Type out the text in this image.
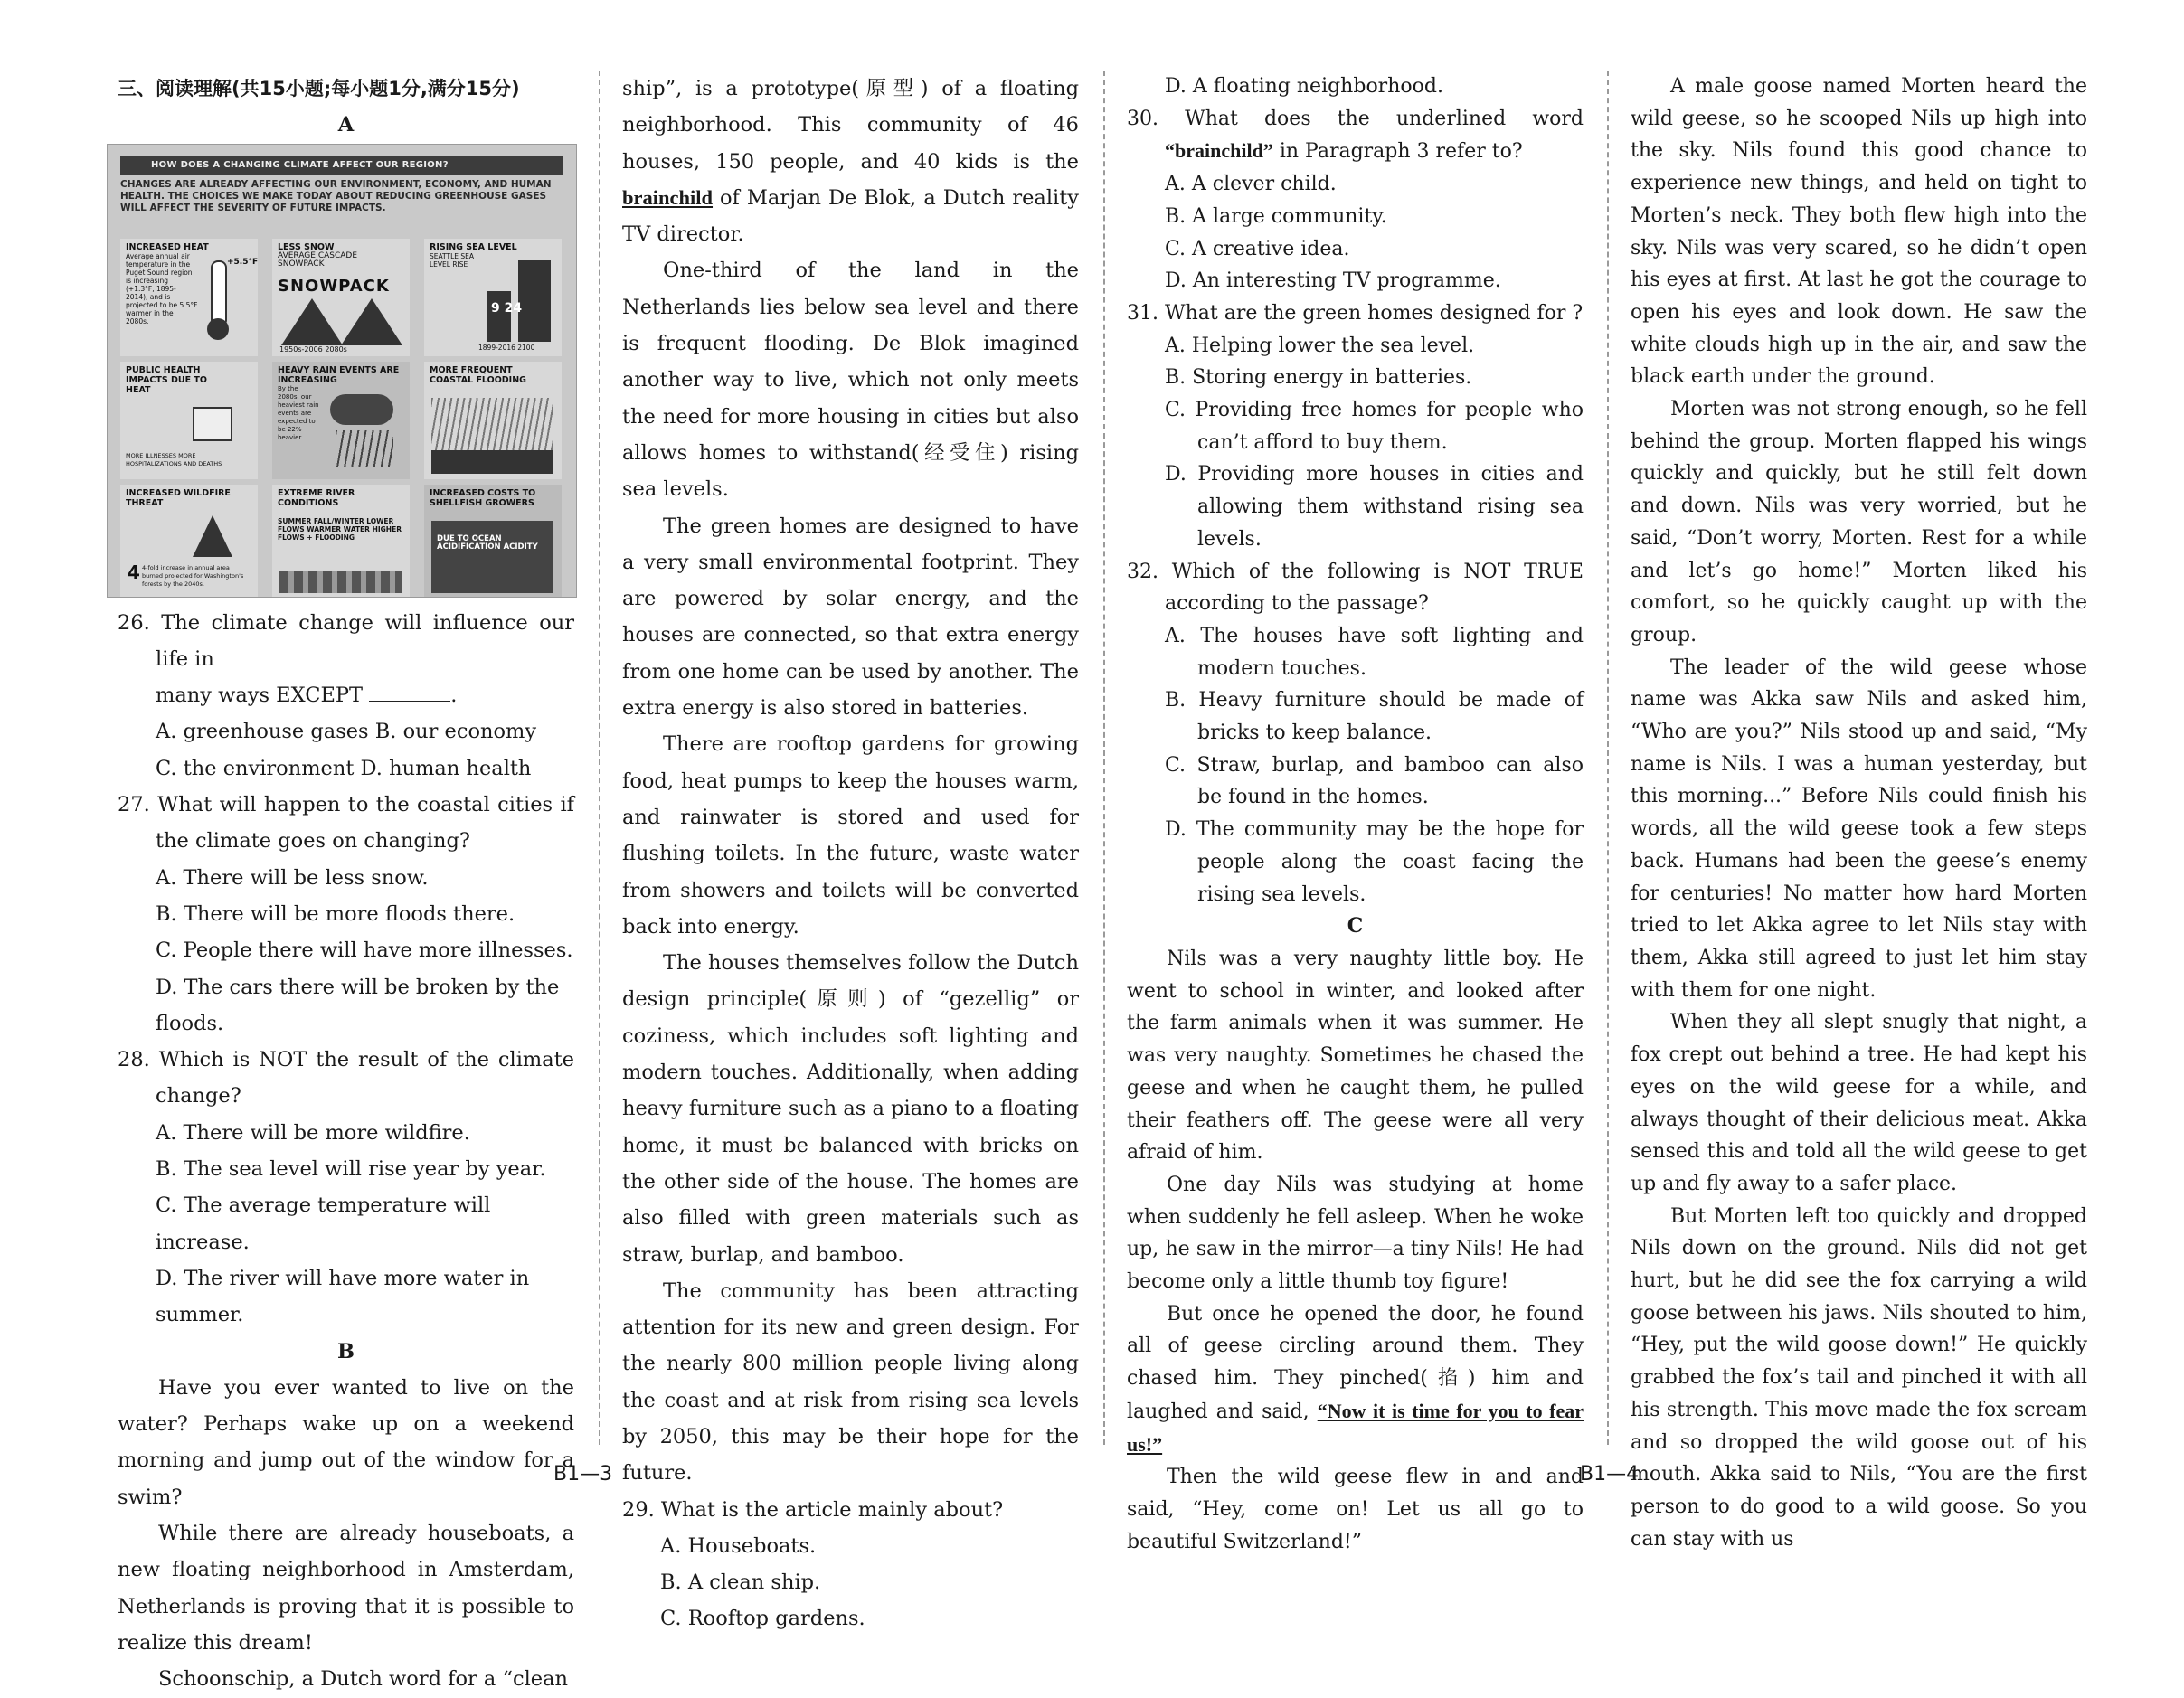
三、阅读理解(共15小题;每小题1分,满分15分)

A

HOW DOES A CHANGING CLIMATE AFFECT OUR REGION?
CHANGES ARE ALREADY AFFECTING OUR ENVIRONMENT, ECONOMY, AND HUMAN HEALTH. THE CHOICES WE MAKE TODAY ABOUT REDUCING GREENHOUSE GASES WILL AFFECT THE SEVERITY OF FUTURE IMPACTS.
INCREASED HEAT
Average annual air temperature in the Puget Sound region is increasing (+1.3°F, 1895-2014), and is projected to be 5.5°F warmer in the 2080s.
+5.5°F
LESS SNOW
AVERAGE CASCADE SNOWPACK
SNOWPACK
1950s-2006 2080s
RISING SEA LEVEL
SEATTLE SEA LEVEL RISE
9 24
1899-2016 2100
PUBLIC HEALTH IMPACTS DUE TO HEAT
MORE ILLNESSES MORE HOSPITALIZATIONS AND DEATHS
HEAVY RAIN EVENTS ARE INCREASING
By the 2080s, our heaviest rain events are expected to be 22% heavier.
MORE FREQUENT COASTAL FLOODING
INCREASED WILDFIRE THREAT
4 4-fold increase in annual area burned projected for Washington's forests by the 2040s.
EXTREME RIVER CONDITIONS
SUMMER FALL/WINTER LOWER FLOWS WARMER WATER HIGHER FLOWS + FLOODING
INCREASED COSTS TO SHELLFISH GROWERS
DUE TO OCEAN ACIDIFICATION ACIDITY

26. The climate change will influence our life in
many ways EXCEPT	.

A. greenhouse gases B. our economy

C. the environment D. human health

27. What will happen to the coastal cities if the climate goes on changing?

A. There will be less snow.

B. There will be more floods there.

C. People there will have more illnesses.

D. The cars there will be broken by the floods.

28. Which is NOT the result of the climate change?

A. There will be more wildfire.

B. The sea level will rise year by year.

C. The average temperature will increase.

D. The river will have more water in summer.

B

Have you ever wanted to live on the water? Perhaps wake up on a weekend morning and jump out of the window for a swim?

While there are already houseboats, a new floating neighborhood in Amsterdam, Netherlands is proving that it is possible to realize this dream!

Schoonschip, a Dutch word for a “clean

ship”, is a prototype(原型) of a floating neighborhood. This community of 46 houses, 150 people, and 40 kids is the brainchild of Marjan De Blok, a Dutch reality TV director.

One-third of the land in the Netherlands lies below sea level and there is frequent flooding. De Blok imagined another way to live, which not only meets the need for more housing in cities but also allows homes to withstand(经受住) rising sea levels.

The green homes are designed to have a very small environmental footprint. They are powered by solar energy, and the houses are connected, so that extra energy from one home can be used by another. The extra energy is also stored in batteries.

There are rooftop gardens for growing food, heat pumps to keep the houses warm, and rainwater is stored and used for flushing toilets. In the future, waste water from showers and toilets will be converted back into energy.

The houses themselves follow the Dutch design principle(原则) of “gezellig” or coziness, which includes soft lighting and modern touches. Additionally, when adding heavy furniture such as a piano to a floating home, it must be balanced with bricks on the other side of the house. The homes are also filled with green materials such as straw, burlap, and bamboo.

The community has been attracting attention for its new and green design. For the nearly 800 million people living along the coast and at risk from rising sea levels by 2050, this may be their hope for the future.

29. What is the article mainly about?

A. Houseboats.

B. A clean ship.

C. Rooftop gardens.

D. A floating neighborhood.

30. What does the underlined word “brainchild” in Paragraph 3 refer to?

A. A clever child.

B. A large community.

C. A creative idea.

D. An interesting TV programme.

31. What are the green homes designed for ?

A. Helping lower the sea level.

B. Storing energy in batteries.

C. Providing free homes for people who can’t afford to buy them.

D. Providing more houses in cities and allowing them withstand rising sea levels.

32. Which of the following is NOT TRUE according to the passage?

A. The houses have soft lighting and modern touches.

B. Heavy furniture should be made of bricks to keep balance.

C. Straw, burlap, and bamboo can also be found in the homes.

D. The community may be the hope for people along the coast facing the rising sea levels.

C

Nils was a very naughty little boy. He went to school in winter, and looked after the farm animals when it was summer. He was very naughty. Sometimes he chased the geese and when he caught them, he pulled their feathers off. The geese were all very afraid of him.

One day Nils was studying at home when suddenly he fell asleep. When he woke up, he saw in the mirror—a tiny Nils! He had become only a little thumb toy figure!

But once he opened the door, he found all of geese circling around them. They chased him. They pinched(掐) him and laughed and said, “Now it is time for you to fear us!”

Then the wild geese flew in and and said, “Hey, come on! Let us all go to beautiful Switzerland!”

A male goose named Morten heard the wild geese, so he scooped Nils up high into the sky. Nils found this good chance to experience new things, and held on tight to Morten’s neck. They both flew high into the sky. Nils was very scared, so he didn’t open his eyes at first. At last he got the courage to open his eyes and look down. He saw the white clouds high up in the air, and saw the black earth under the ground.

Morten was not strong enough, so he fell behind the group. Morten flapped his wings quickly and quickly, but he still felt down and down. Nils was very worried, but he said, “Don’t worry, Morten. Rest for a while and let’s go home!” Morten liked his comfort, so he quickly caught up with the group.

The leader of the wild geese whose name was Akka saw Nils and asked him, “Who are you?” Nils stood up and said, “My name is Nils. I was a human yesterday, but this morning...” Before Nils could finish his words, all the wild geese took a few steps back. Humans had been the geese’s enemy for centuries! No matter how hard Morten tried to let Akka agree to let Nils stay with them, Akka still agreed to just let him stay with them for one night.

When they all slept snugly that night, a fox crept out behind a tree. He had kept his eyes on the wild geese for a while, and always thought of their delicious meat. Akka sensed this and told all the wild geese to get up and fly away to a safer place.

But Morten left too quickly and dropped Nils down on the ground. Nils did not get hurt, but he did see the fox carrying a wild goose between his jaws. Nils shouted to him, “Hey, put the wild goose down!” He quickly grabbed the fox’s tail and pinched it with all his strength. This move made the fox scream and so dropped the wild goose out of his mouth. Akka said to Nils, “You are the first person to do good to a wild goose. So you can stay with us

B1—3	B1—4
